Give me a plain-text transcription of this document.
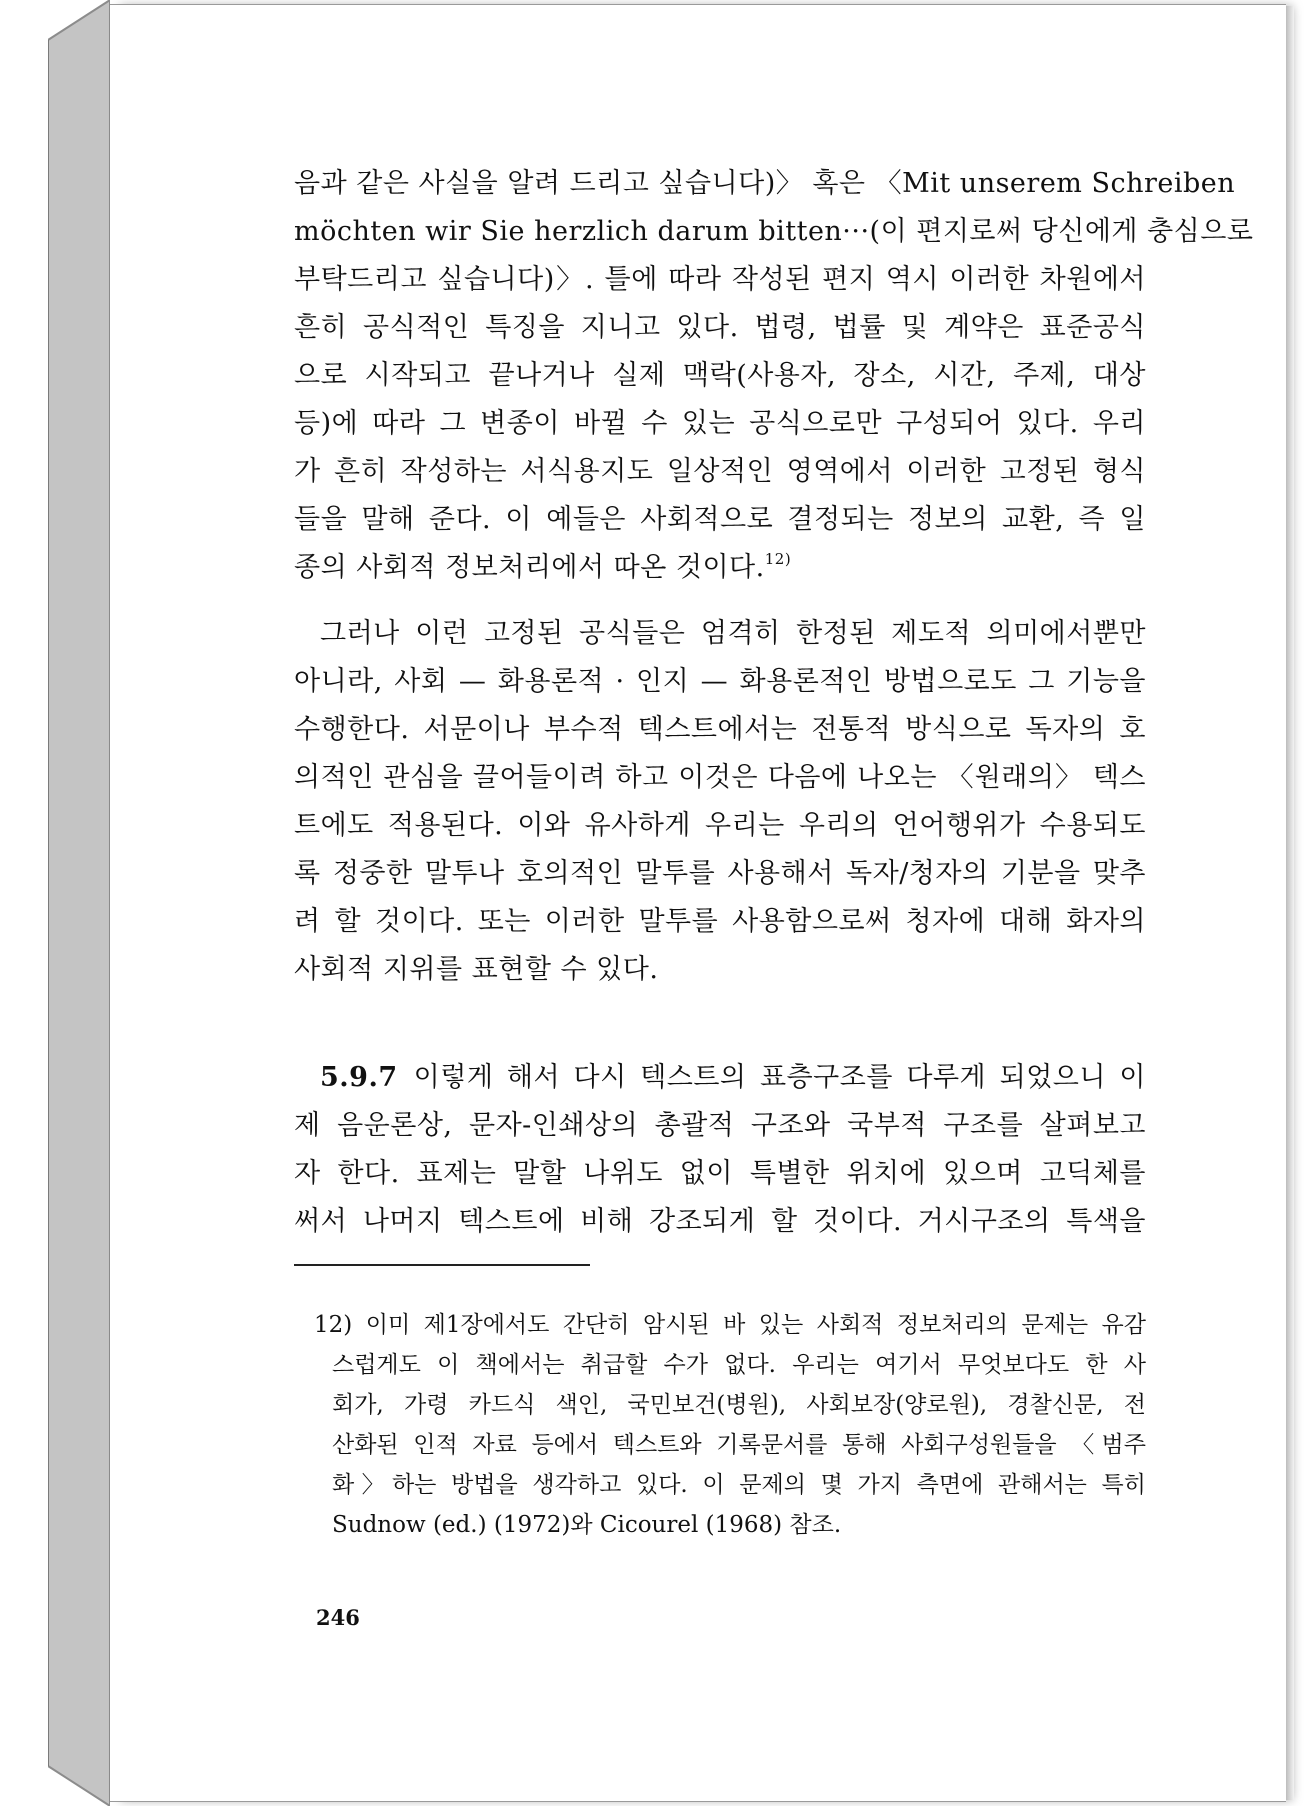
음과 같은 사실을 알려 드리고 싶습니다)〉 혹은 〈Mit unserem Schreiben
möchten wir Sie herzlich darum bitten···(이 편지로써 당신에게 충심으로
부탁드리고 싶습니다)〉. 틀에 따라 작성된 편지 역시 이러한 차원에서
흔히 공식적인 특징을 지니고 있다. 법령, 법률 및 계약은 표준공식
으로 시작되고 끝나거나 실제 맥락(사용자, 장소, 시간, 주제, 대상
등)에 따라 그 변종이 바뀔 수 있는 공식으로만 구성되어 있다. 우리
가 흔히 작성하는 서식용지도 일상적인 영역에서 이러한 고정된 형식
들을 말해 준다. 이 예들은 사회적으로 결정되는 정보의 교환, 즉 일
종의 사회적 정보처리에서 따온 것이다.$^{12)}$
그러나 이런 고정된 공식들은 엄격히 한정된 제도적 의미에서뿐만
아니라, 사회 — 화용론적 · 인지 — 화용론적인 방법으로도 그 기능을
수행한다. 서문이나 부수적 텍스트에서는 전통적 방식으로 독자의 호
의적인 관심을 끌어들이려 하고 이것은 다음에 나오는 〈원래의〉 텍스
트에도 적용된다. 이와 유사하게 우리는 우리의 언어행위가 수용되도
록 정중한 말투나 호의적인 말투를 사용해서 독자/청자의 기분을 맞추
려 할 것이다. 또는 이러한 말투를 사용함으로써 청자에 대해 화자의
사회적 지위를 표현할 수 있다.
5.9.7 이렇게 해서 다시 텍스트의 표층구조를 다루게 되었으니 이
제 음운론상, 문자-인쇄상의 총괄적 구조와 국부적 구조를 살펴보고
자 한다. 표제는 말할 나위도 없이 특별한 위치에 있으며 고딕체를
써서 나머지 텍스트에 비해 강조되게 할 것이다. 거시구조의 특색을
12) 이미 제1장에서도 간단히 암시된 바 있는 사회적 정보처리의 문제는 유감
스럽게도 이 책에서는 취급할 수가 없다. 우리는 여기서 무엇보다도 한 사
회가, 가령 카드식 색인, 국민보건(병원), 사회보장(양로원), 경찰신문, 전
산화된 인적 자료 등에서 텍스트와 기록문서를 통해 사회구성원들을 〈범주
화〉하는 방법을 생각하고 있다. 이 문제의 몇 가지 측면에 관해서는 특히
Sudnow (ed.) (1972)와 Cicourel (1968) 참조.
246
